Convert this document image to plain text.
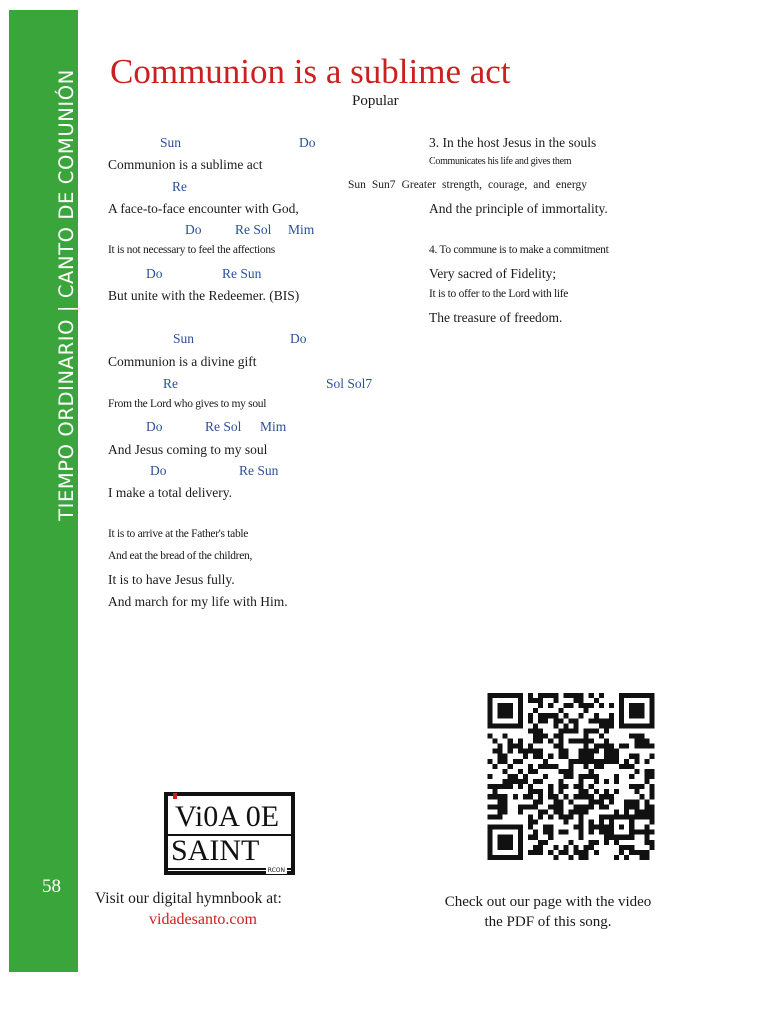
TIEMPO ORDINARIO | CANTO DE COMUNIÓN
58
Communion is a sublime act
Popular
Sun	Do
Communion is a sublime act
Re
A face-to-face encounter with God,
Do Re Sol Mim
It is not necessary to feel the affections
Do	Re Sun
But unite with the Redeemer. (BIS)
Sun	Do
Communion is a divine gift
Re	Sol Sol7
From the Lord who gives to my soul
Do	Re Sol Mim
And Jesus coming to my soul
Do	Re Sun
I make a total delivery.
It is to arrive at the Father's table
And eat the bread of the children,
It is to have Jesus fully.
And march for my life with Him.
3. In the host Jesus in the souls
Communicates his life and gives them
Sun Sun7 Greater strength, courage, and energy
And the principle of immortality.
4. To commune is to make a commitment
Very sacred of Fidelity;
It is to offer to the Lord with life
The treasure of freedom.
Vi0A 0E
SAINT
RCON
Visit our digital hymnbook at:
vidadesanto.com
Check out our page with the video
the PDF of this song.
